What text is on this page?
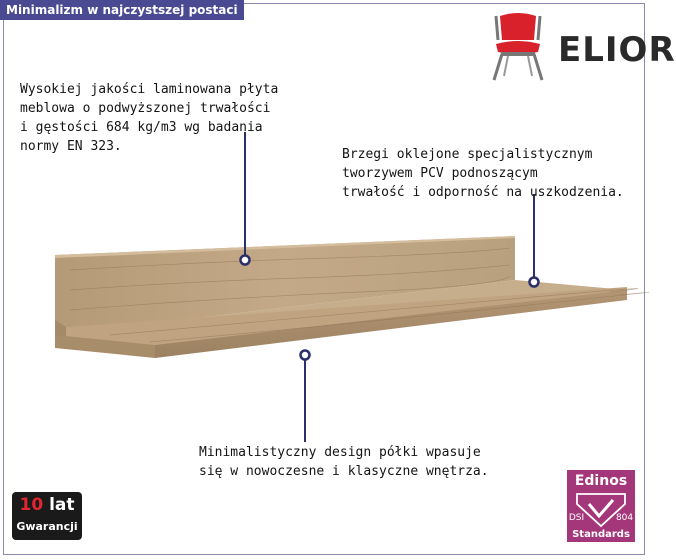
Minimalizm w najczystszej postaci
ELIOR
Wysokiej jakości laminowana płyta
meblowa o podwyższonej trwałości
i gęstości 684 kg/m3 wg badania
normy EN 323.
Brzegi oklejone specjalistycznym
tworzywem PCV podnoszącym
trwałość i odporność na uszkodzenia.
Minimalistyczny design półki wpasuje
się w nowoczesne i klasyczne wnętrza.
10 lat
Gwarancji
Edinos
DSI	804
Standards
